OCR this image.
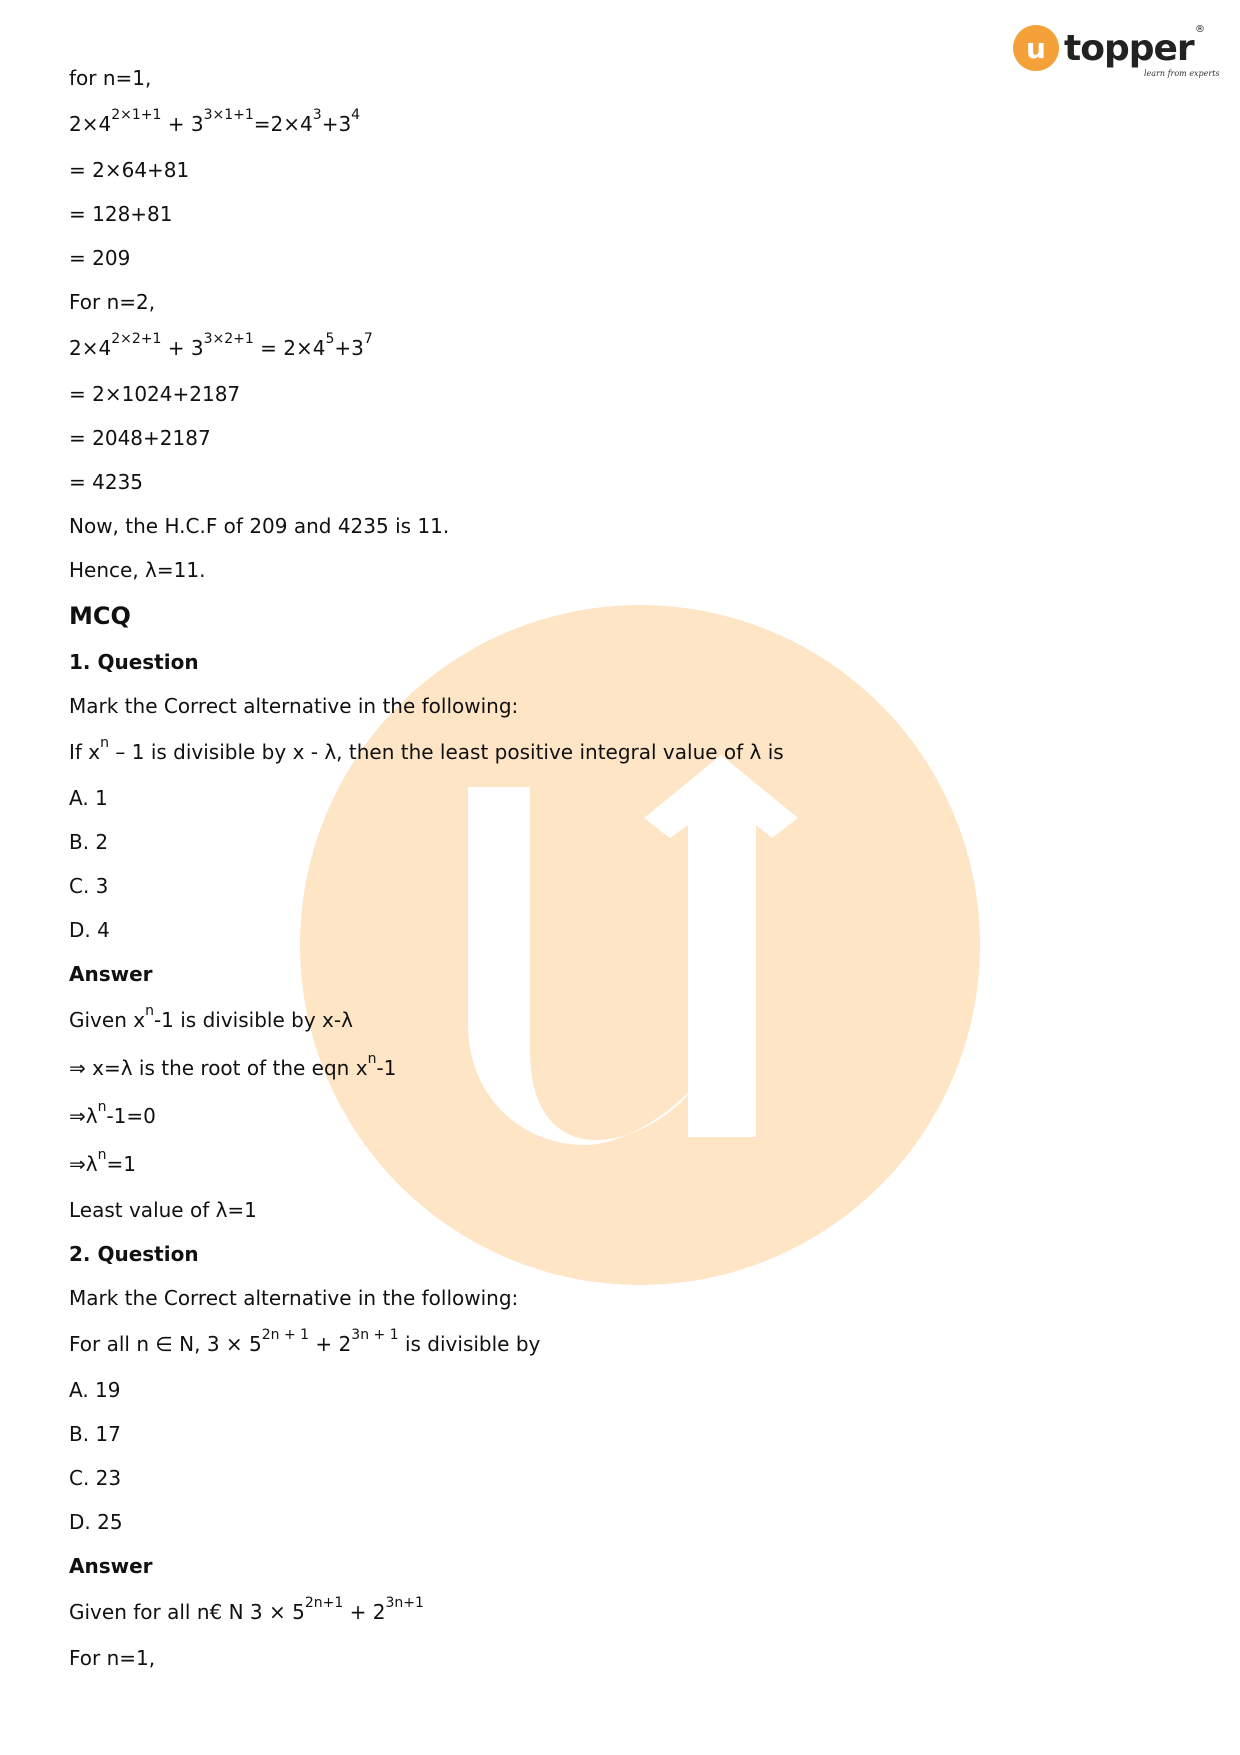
u topper ®
learn from experts
for n=1,
$2\times 4^{2\times 1+1} + 3^{3\times 1+1} =2\times 4^3 +3^4$
= 2×64+81
= 128+81
= 209
For n=2,
$2\times 4^{2\times 2+1} + 3^{3\times 2+1} = 2\times 4^5 +3^7$
= 2×1024+2187
= 2048+2187
= 4235
Now, the H.C.F of 209 and 4235 is 11.
Hence, λ=11.
MCQ
1. Question
Mark the Correct alternative in the following:
If $x^n - 1$ is divisible by x - λ, then the least positive integral value of λ is
A. 1
B. 2
C. 3
D. 4
Answer
Given $x^n$ -1 is divisible by x-λ
⇒ x=λ is the root of the eqn $x^n$ -1
$\Rightarrow\lambda^n$ -1=0
$\Rightarrow\lambda^n =1$
Least value of λ=1
2. Question
Mark the Correct alternative in the following:
For all n ∈ N, $3 \times 5^{2n + 1} + 2^{3n + 1}$ is divisible by
A. 19
B. 17
C. 23
D. 25
Answer
Given for all n€ N $3 \times 5^{2n+1} + 2^{3n+1}$
For n=1,
